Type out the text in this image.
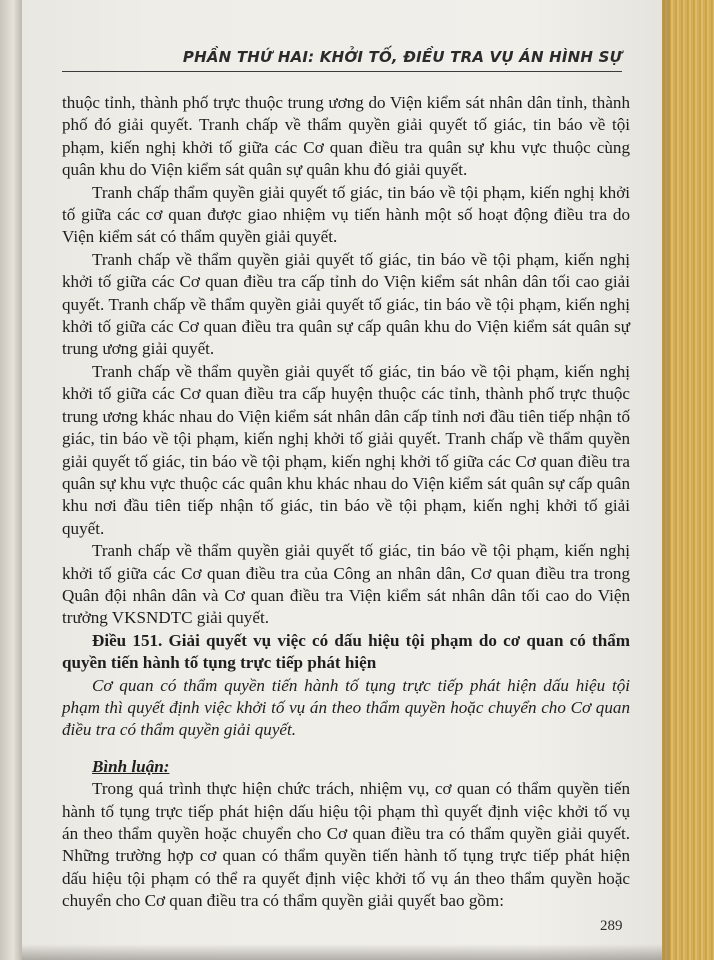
PHẦN THỨ HAI: KHỞI TỐ, ĐIỀU TRA VỤ ÁN HÌNH SỰ

thuộc tỉnh, thành phố trực thuộc trung ương do Viện kiểm sát nhân dân tỉnh, thành phố đó giải quyết. Tranh chấp về thẩm quyền giải quyết tố giác, tin báo về tội phạm, kiến nghị khởi tố giữa các Cơ quan điều tra quân sự khu vực thuộc cùng quân khu do Viện kiểm sát quân sự quân khu đó giải quyết.

Tranh chấp thẩm quyền giải quyết tố giác, tin báo về tội phạm, kiến nghị khởi tố giữa các cơ quan được giao nhiệm vụ tiến hành một số hoạt động điều tra do Viện kiểm sát có thẩm quyền giải quyết.

Tranh chấp về thẩm quyền giải quyết tố giác, tin báo về tội phạm, kiến nghị khởi tố giữa các Cơ quan điều tra cấp tỉnh do Viện kiểm sát nhân dân tối cao giải quyết. Tranh chấp về thẩm quyền giải quyết tố giác, tin báo về tội phạm, kiến nghị khởi tố giữa các Cơ quan điều tra quân sự cấp quân khu do Viện kiểm sát quân sự trung ương giải quyết.

Tranh chấp về thẩm quyền giải quyết tố giác, tin báo về tội phạm, kiến nghị khởi tố giữa các Cơ quan điều tra cấp huyện thuộc các tỉnh, thành phố trực thuộc trung ương khác nhau do Viện kiểm sát nhân dân cấp tỉnh nơi đầu tiên tiếp nhận tố giác, tin báo về tội phạm, kiến nghị khởi tố giải quyết. Tranh chấp về thẩm quyền giải quyết tố giác, tin báo về tội phạm, kiến nghị khởi tố giữa các Cơ quan điều tra quân sự khu vực thuộc các quân khu khác nhau do Viện kiểm sát quân sự cấp quân khu nơi đầu tiên tiếp nhận tố giác, tin báo về tội phạm, kiến nghị khởi tố giải quyết.

Tranh chấp về thẩm quyền giải quyết tố giác, tin báo về tội phạm, kiến nghị khởi tố giữa các Cơ quan điều tra của Công an nhân dân, Cơ quan điều tra trong Quân đội nhân dân và Cơ quan điều tra Viện kiểm sát nhân dân tối cao do Viện trưởng VKSNDTC giải quyết.

Điều 151. Giải quyết vụ việc có dấu hiệu tội phạm do cơ quan có thẩm quyền tiến hành tố tụng trực tiếp phát hiện

Cơ quan có thẩm quyền tiến hành tố tụng trực tiếp phát hiện dấu hiệu tội phạm thì quyết định việc khởi tố vụ án theo thẩm quyền hoặc chuyển cho Cơ quan điều tra có thẩm quyền giải quyết.

Bình luận:

Trong quá trình thực hiện chức trách, nhiệm vụ, cơ quan có thẩm quyền tiến hành tố tụng trực tiếp phát hiện dấu hiệu tội phạm thì quyết định việc khởi tố vụ án theo thẩm quyền hoặc chuyển cho Cơ quan điều tra có thẩm quyền giải quyết. Những trường hợp cơ quan có thẩm quyền tiến hành tố tụng trực tiếp phát hiện dấu hiệu tội phạm có thể ra quyết định việc khởi tố vụ án theo thẩm quyền hoặc chuyển cho Cơ quan điều tra có thẩm quyền giải quyết bao gồm:

289
